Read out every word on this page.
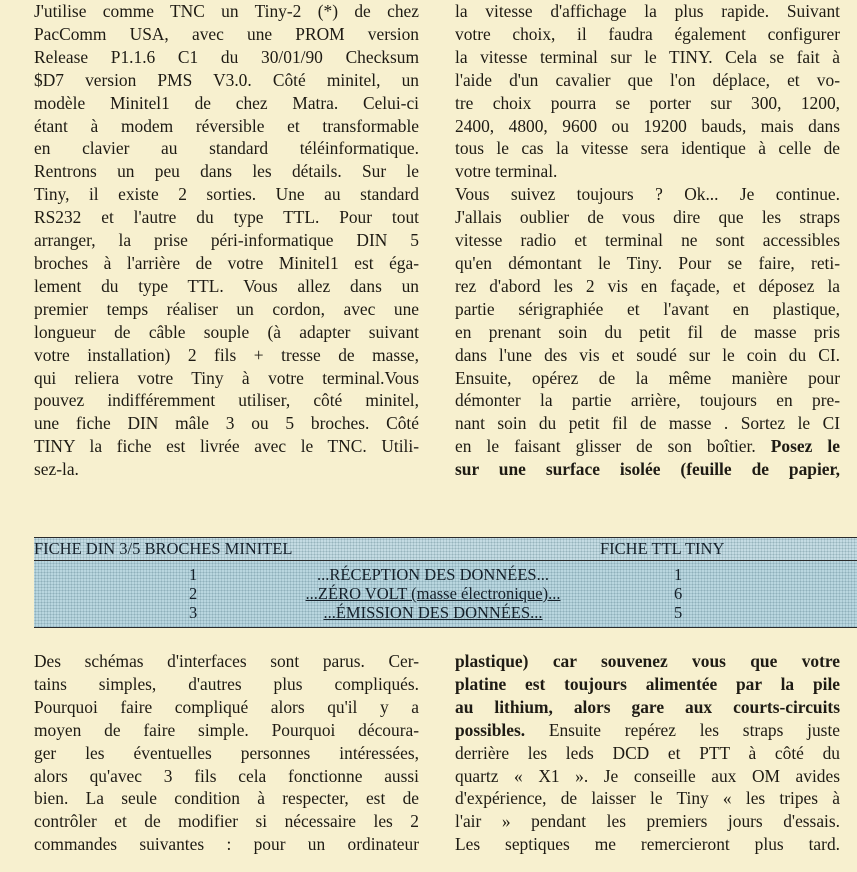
J'utilise comme TNC un Tiny-2 (*) de chez

PacComm USA, avec une PROM version

Release P1.1.6 C1 du 30/01/90 Checksum

$D7 version PMS V3.0. Côté minitel, un

modèle Minitel1 de chez Matra. Celui-ci

étant à modem réversible et transformable

en clavier au standard téléinformatique.

Rentrons un peu dans les détails. Sur le

Tiny, il existe 2 sorties. Une au standard

RS232 et l'autre du type TTL. Pour tout

arranger, la prise péri-informatique DIN 5

broches à l'arrière de votre Minitel1 est éga-

lement du type TTL. Vous allez dans un

premier temps réaliser un cordon, avec une

longueur de câble souple (à adapter suivant

votre installation) 2 fils + tresse de masse,

qui reliera votre Tiny à votre terminal.Vous

pouvez indifféremment utiliser, côté minitel,

une fiche DIN mâle 3 ou 5 broches. Côté

TINY la fiche est livrée avec le TNC. Utili-

sez-la.

la vitesse d'affichage la plus rapide. Suivant

votre choix, il faudra également configurer

la vitesse terminal sur le TINY. Cela se fait à

l'aide d'un cavalier que l'on déplace, et vo-

tre choix pourra se porter sur 300, 1200,

2400, 4800, 9600 ou 19200 bauds, mais dans

tous le cas la vitesse sera identique à celle de

votre terminal.

Vous suivez toujours ? Ok... Je continue.

J'allais oublier de vous dire que les straps

vitesse radio et terminal ne sont accessibles

qu'en démontant le Tiny. Pour se faire, reti-

rez d'abord les 2 vis en façade, et déposez la

partie sérigraphiée et l'avant en plastique,

en prenant soin du petit fil de masse pris

dans l'une des vis et soudé sur le coin du CI.

Ensuite, opérez de la même manière pour

démonter la partie arrière, toujours en pre-

nant soin du petit fil de masse . Sortez le CI

en le faisant glisser de son boîtier. Posez le

sur une surface isolée (feuille de papier,

FICHE DIN 3/5 BROCHES MINITEL	FICHE TTL TINY
1	...RÉCEPTION DES DONNÉES...	1
2	...ZÉRO VOLT (masse électronique)...	6
3	...ÉMISSION DES DONNÉES...	5

Des schémas d'interfaces sont parus. Cer-

tains simples, d'autres plus compliqués.

Pourquoi faire compliqué alors qu'il y a

moyen de faire simple. Pourquoi découra-

ger les éventuelles personnes intéressées,

alors qu'avec 3 fils cela fonctionne aussi

bien. La seule condition à respecter, est de

contrôler et de modifier si nécessaire les 2

commandes suivantes : pour un ordinateur

plastique) car souvenez vous que votre

platine est toujours alimentée par la pile

au lithium, alors gare aux courts-circuits

possibles. Ensuite repérez les straps juste

derrière les leds DCD et PTT à côté du

quartz « X1 ». Je conseille aux OM avides

d'expérience, de laisser le Tiny « les tripes à

l'air » pendant les premiers jours d'essais.

Les septiques me remercieront plus tard.
